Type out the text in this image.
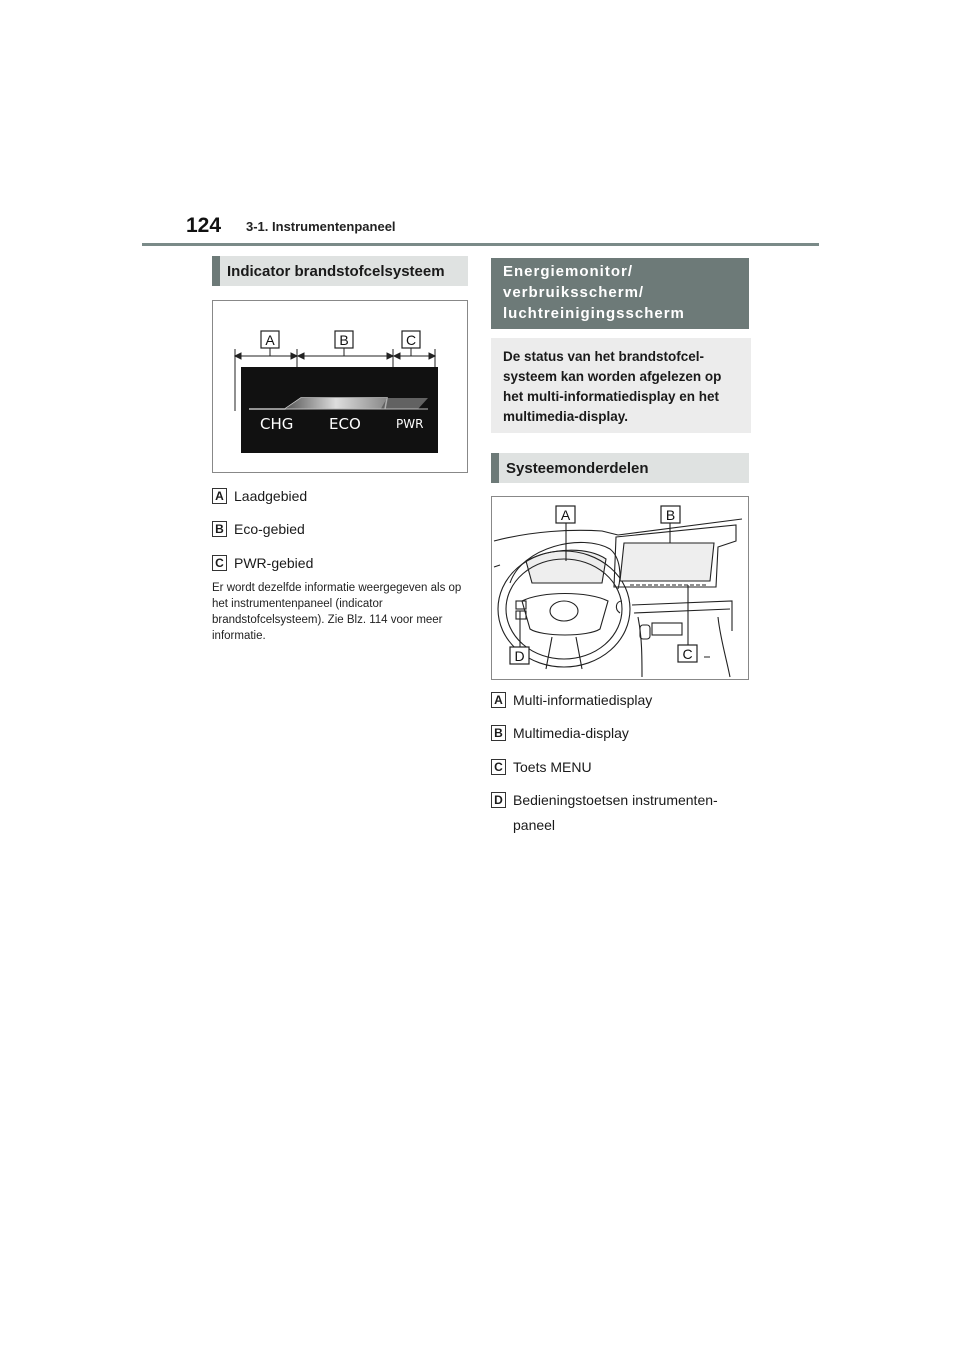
124 3-1. Instrumentenpaneel
Indicator brandstofcelsysteem
A	B	C
CHG ECO	PWR
A Laadgebied
B Eco-gebied
C PWR-gebied
Er wordt dezelfde informatie weergegeven als op het instrumentenpaneel (indicator brandstofcelsysteem). Zie Blz. 114 voor meer informatie.
Energiemonitor/ verbruiksscherm/ luchtreinigingsscherm
De status van het brandstofcel-systeem kan worden afgelezen op het multi-informatiedisplay en het multimedia-display.
Systeemonderdelen
A	B
C
D
A Multi-informatiedisplay
B Multimedia-display
C Toets MENU
D Bedieningstoetsen instrumenten-paneel
